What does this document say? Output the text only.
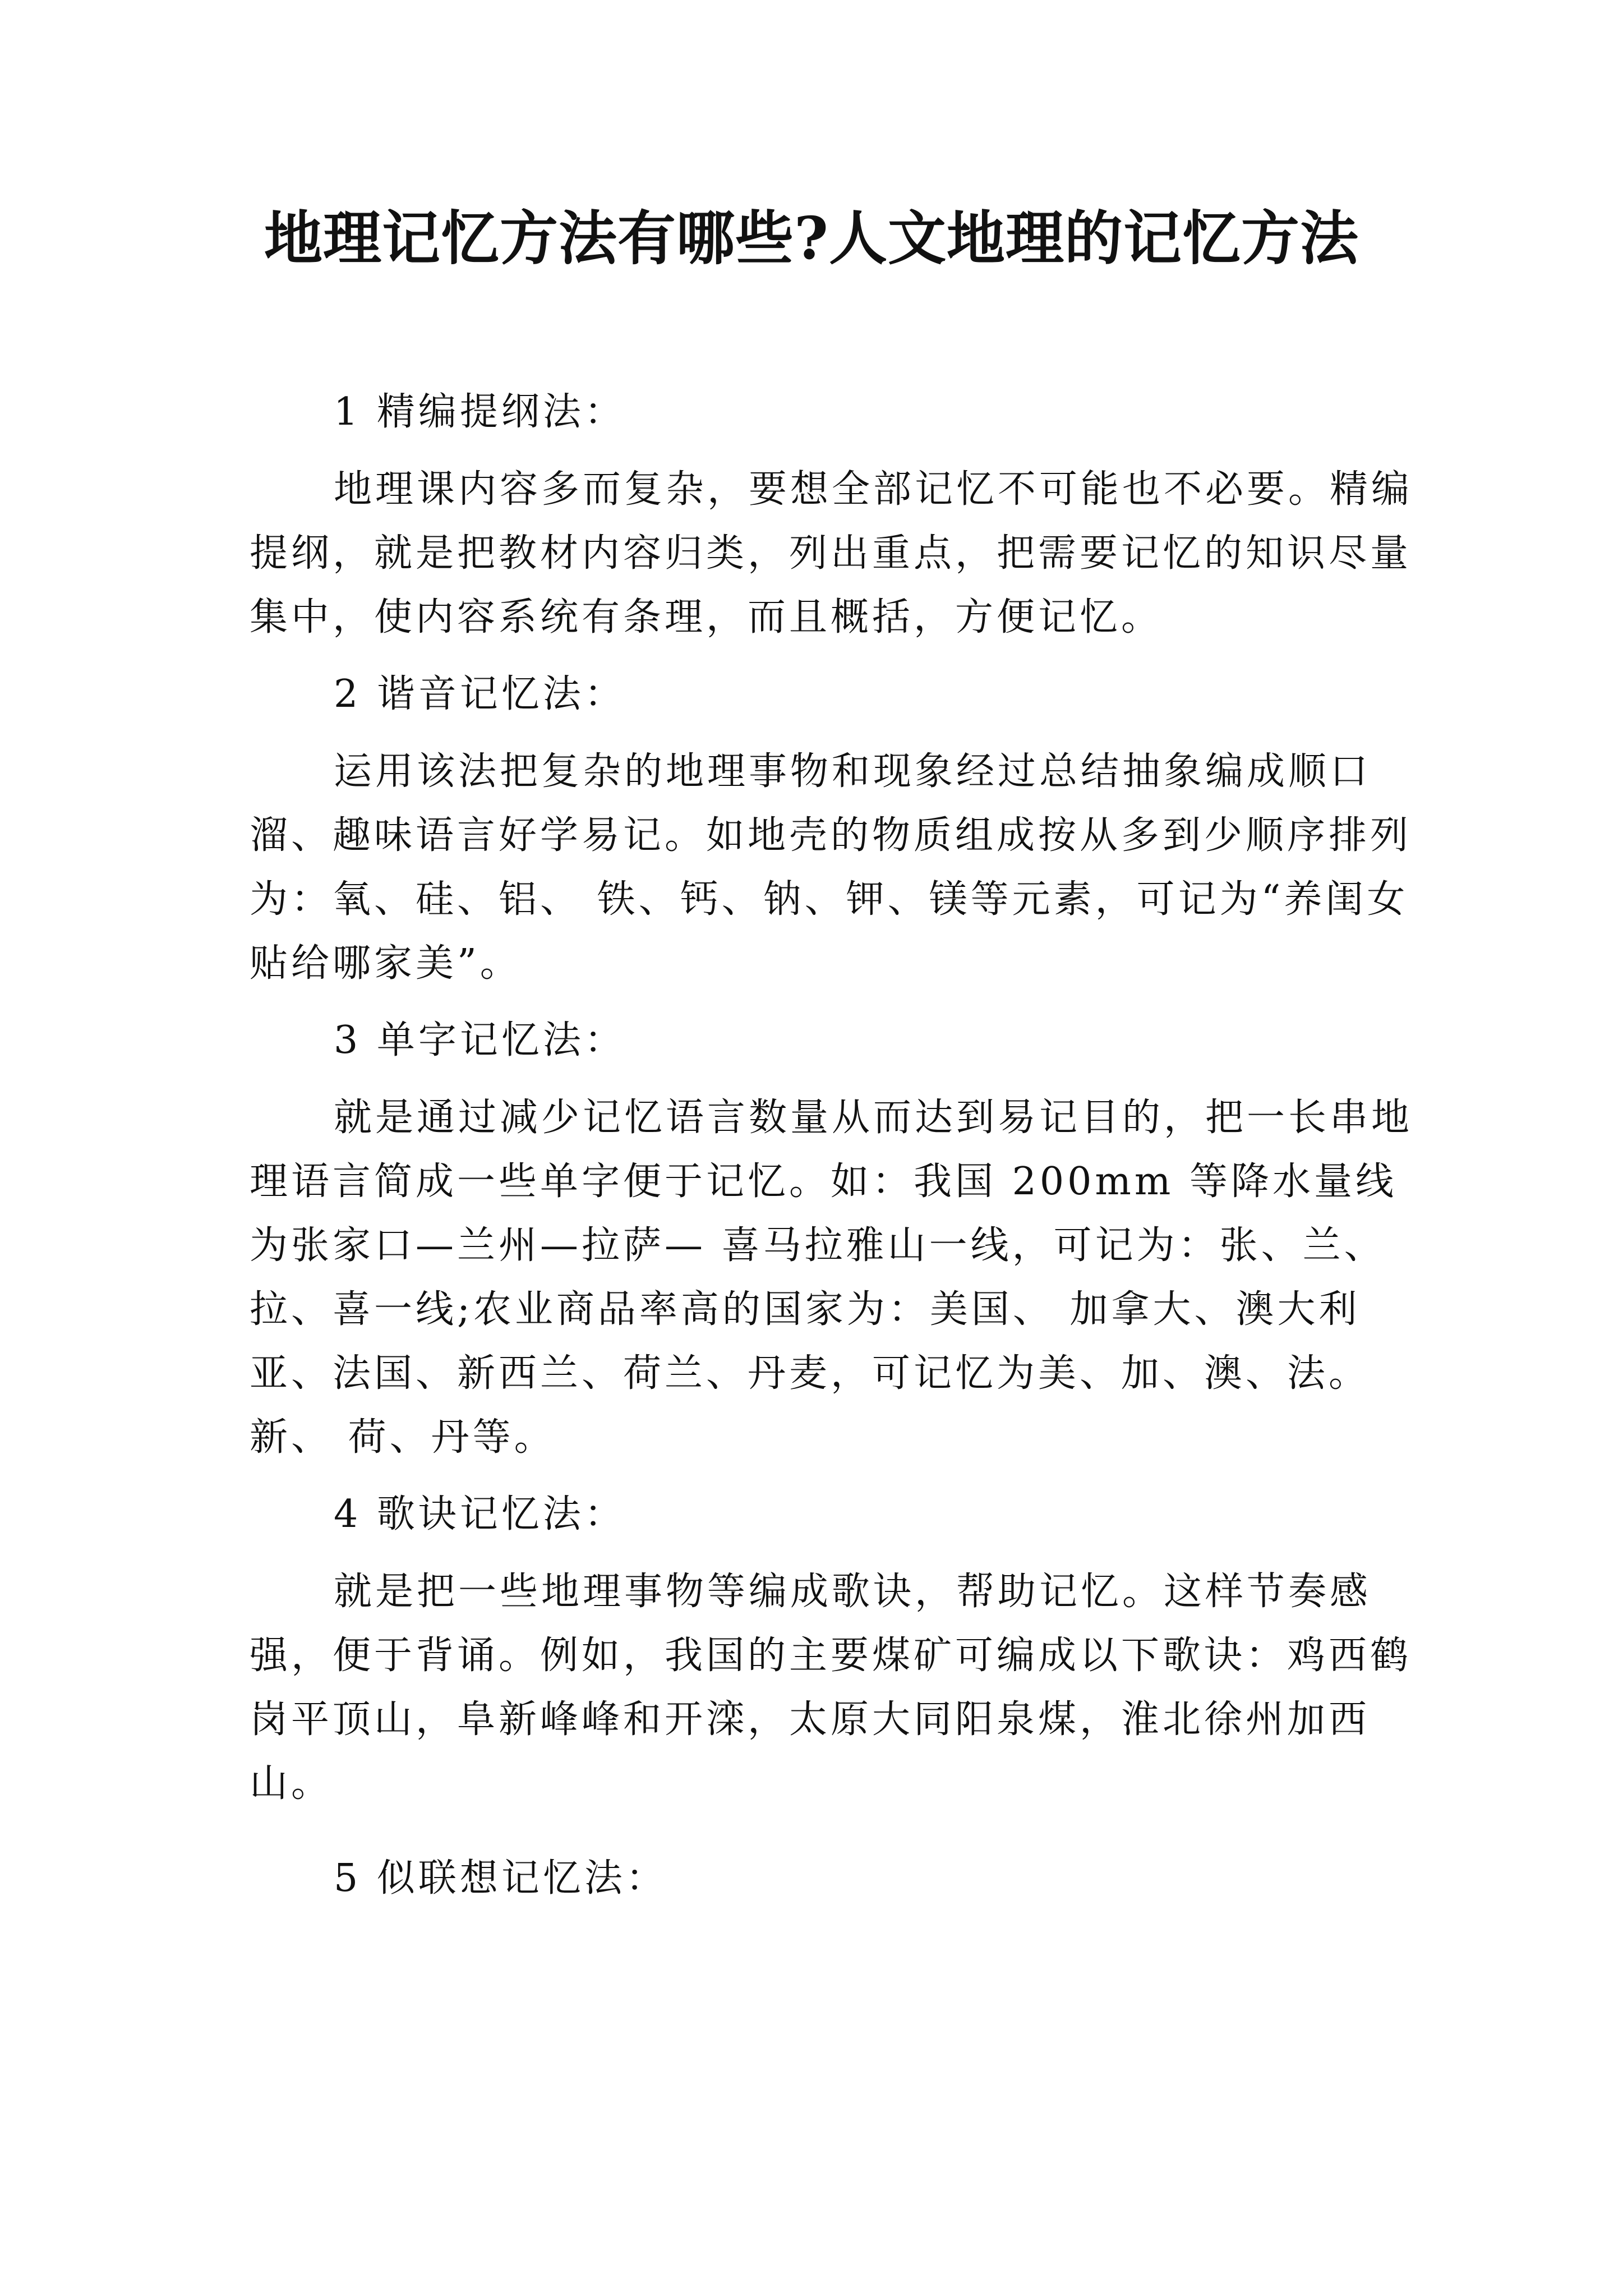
地理记忆方法有哪些?人文地理的记忆方法

1 精编提纲法：

地理课内容多而复杂，要想全部记忆不可能也不必要。精编提纲，就是把教材内容归类，列出重点，把需要记忆的知识尽量集中，使内容系统有条理，而且概括，方便记忆。

2 谐音记忆法：

运用该法把复杂的地理事物和现象经过总结抽象编成顺口溜、趣味语言好学易记。如地壳的物质组成按从多到少顺序排列为：氧、硅、铝、 铁、钙、钠、钾、镁等元素，可记为“养闺女贴给哪家美”。

3 单字记忆法：

就是通过减少记忆语言数量从而达到易记目的，把一长串地理语言简成一些单字便于记忆。如：我国 200mm 等降水量线为张家口—兰州—拉萨— 喜马拉雅山一线，可记为：张、兰、拉、喜一线;农业商品率高的国家为：美国、 加拿大、澳大利亚、法国、新西兰、荷兰、丹麦，可记忆为美、加、澳、法。新、 荷、丹等。

4 歌诀记忆法：

就是把一些地理事物等编成歌诀，帮助记忆。这样节奏感强，便于背诵。例如，我国的主要煤矿可编成以下歌诀：鸡西鹤岗平顶山，阜新峰峰和开滦，太原大同阳泉煤，淮北徐州加西山。

5 似联想记忆法：
